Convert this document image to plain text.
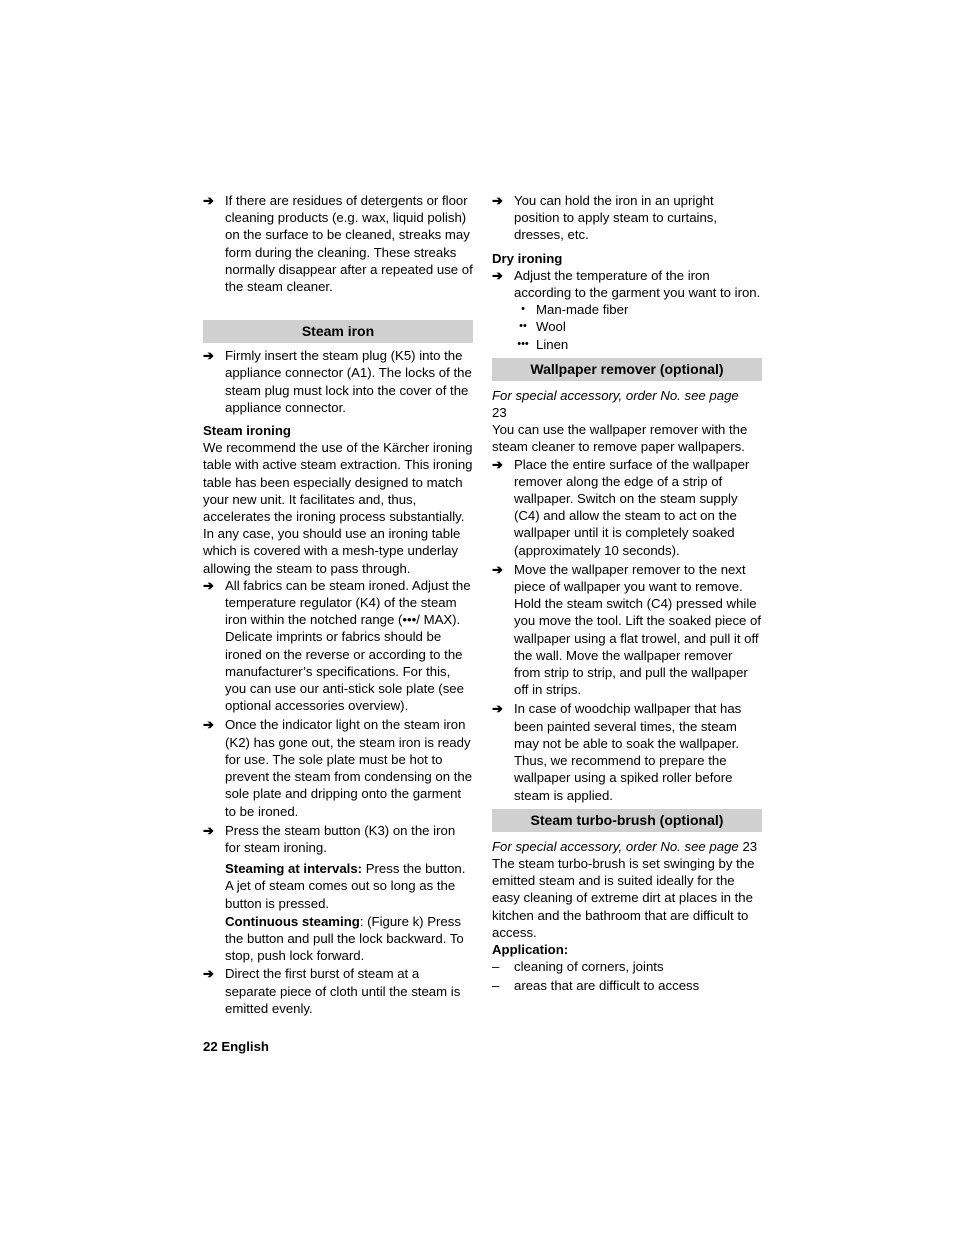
➔ If there are residues of detergents or floor cleaning products (e.g. wax, liquid polish) on the surface to be cleaned, streaks may form during the cleaning. These streaks normally disappear after a repeated use of the steam cleaner.
Steam iron
➔ Firmly insert the steam plug (K5) into the appliance connector (A1). The locks of the steam plug must lock into the cover of the appliance connector.
Steam ironing
We recommend the use of the Kärcher ironing table with active steam extraction. This ironing table has been especially designed to match your new unit. It facilitates and, thus, accelerates the ironing process substantially. In any case, you should use an ironing table which is covered with a mesh-type underlay allowing the steam to pass through.
➔ All fabrics can be steam ironed. Adjust the temperature regulator (K4) of the steam iron within the notched range (•••/ MAX). Delicate imprints or fabrics should be ironed on the reverse or according to the manufacturer’s specifications. For this, you can use our anti-stick sole plate (see optional accessories overview).
➔ Once the indicator light on the steam iron (K2) has gone out, the steam iron is ready for use. The sole plate must be hot to prevent the steam from condensing on the sole plate and dripping onto the garment to be ironed.
➔ Press the steam button (K3) on the iron for steam ironing.
Steaming at intervals: Press the button. A jet of steam comes out so long as the button is pressed.
Continuous steaming: (Figure k) Press the button and pull the lock backward. To stop, push lock forward.
➔ Direct the first burst of steam at a separate piece of cloth until the steam is emitted evenly.
➔ You can hold the iron in an upright position to apply steam to curtains, dresses, etc.
Dry ironing
➔ Adjust the temperature of the iron according to the garment you want to iron.
• Man-made fiber
•• Wool
••• Linen
Wallpaper remover (optional)
For special accessory, order No. see page
23
You can use the wallpaper remover with the steam cleaner to remove paper wallpapers.
➔ Place the entire surface of the wallpaper remover along the edge of a strip of wallpaper. Switch on the steam supply (C4) and allow the steam to act on the wallpaper until it is completely soaked (approximately 10 seconds).
➔ Move the wallpaper remover to the next piece of wallpaper you want to remove. Hold the steam switch (C4) pressed while you move the tool. Lift the soaked piece of wallpaper using a flat trowel, and pull it off the wall. Move the wallpaper remover from strip to strip, and pull the wallpaper off in strips.
➔ In case of woodchip wallpaper that has been painted several times, the steam may not be able to soak the wallpaper. Thus, we recommend to prepare the wallpaper using a spiked roller before steam is applied.
Steam turbo-brush (optional)
For special accessory, order No. see page 23
The steam turbo-brush is set swinging by the emitted steam and is suited ideally for the easy cleaning of extreme dirt at places in the kitchen and the bathroom that are difficult to access.
Application:
– cleaning of corners, joints
– areas that are difficult to access
22 English
